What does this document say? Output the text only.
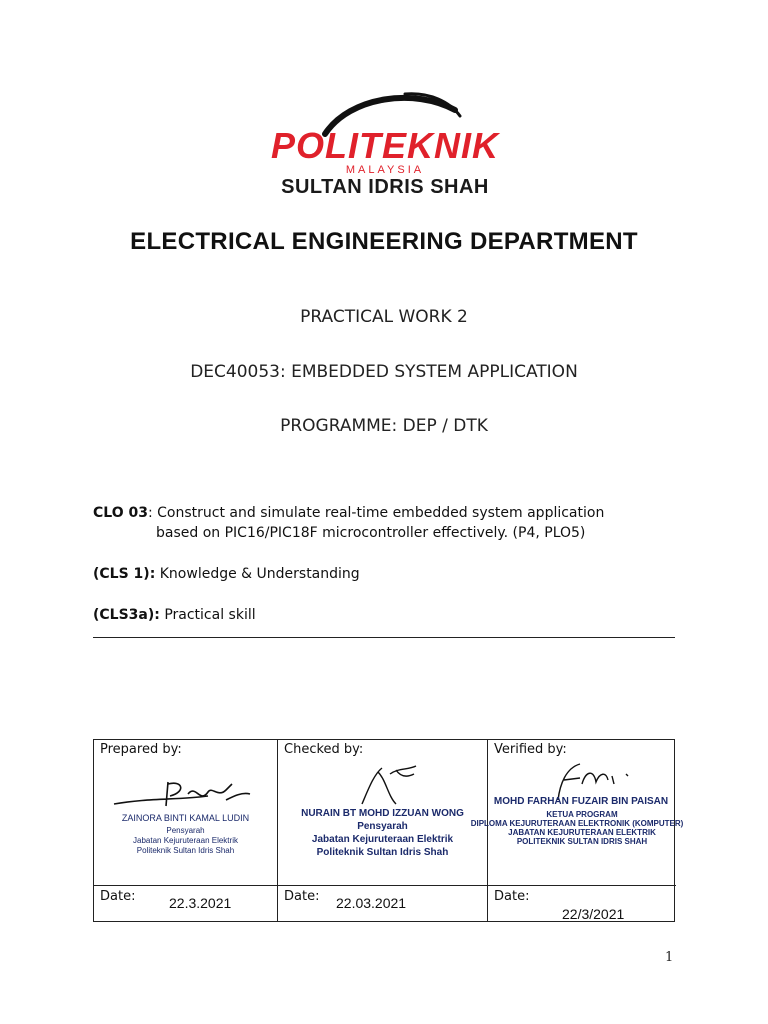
POLITEKNIK
MALAYSIA
SULTAN IDRIS SHAH
ELECTRICAL ENGINEERING DEPARTMENT
PRACTICAL WORK 2
DEC40053: EMBEDDED SYSTEM APPLICATION
PROGRAMME: DEP / DTK
CLO 03: Construct and simulate real-time embedded system application
based on PIC16/PIC18F microcontroller effectively. (P4, PLO5)
(CLS 1): Knowledge & Understanding
(CLS3a): Practical skill
Prepared by:
ZAINORA BINTI KAMAL LUDIN
Pensyarah
Jabatan Kejuruteraan Elektrik
Politeknik Sultan Idris Shah
Date: 22.3.2021
Checked by:
NURAIN BT MOHD IZZUAN WONG
Pensyarah
Jabatan Kejuruteraan Elektrik
Politeknik Sultan Idris Shah
Date: 22.03.2021
Verified by:
MOHD FARHAN FUZAIR BIN PAISAN
KETUA PROGRAM
DIPLOMA KEJURUTERAAN ELEKTRONIK (KOMPUTER)
JABATAN KEJURUTERAAN ELEKTRIK
POLITEKNIK SULTAN IDRIS SHAH
Date:
22/3/2021
1
